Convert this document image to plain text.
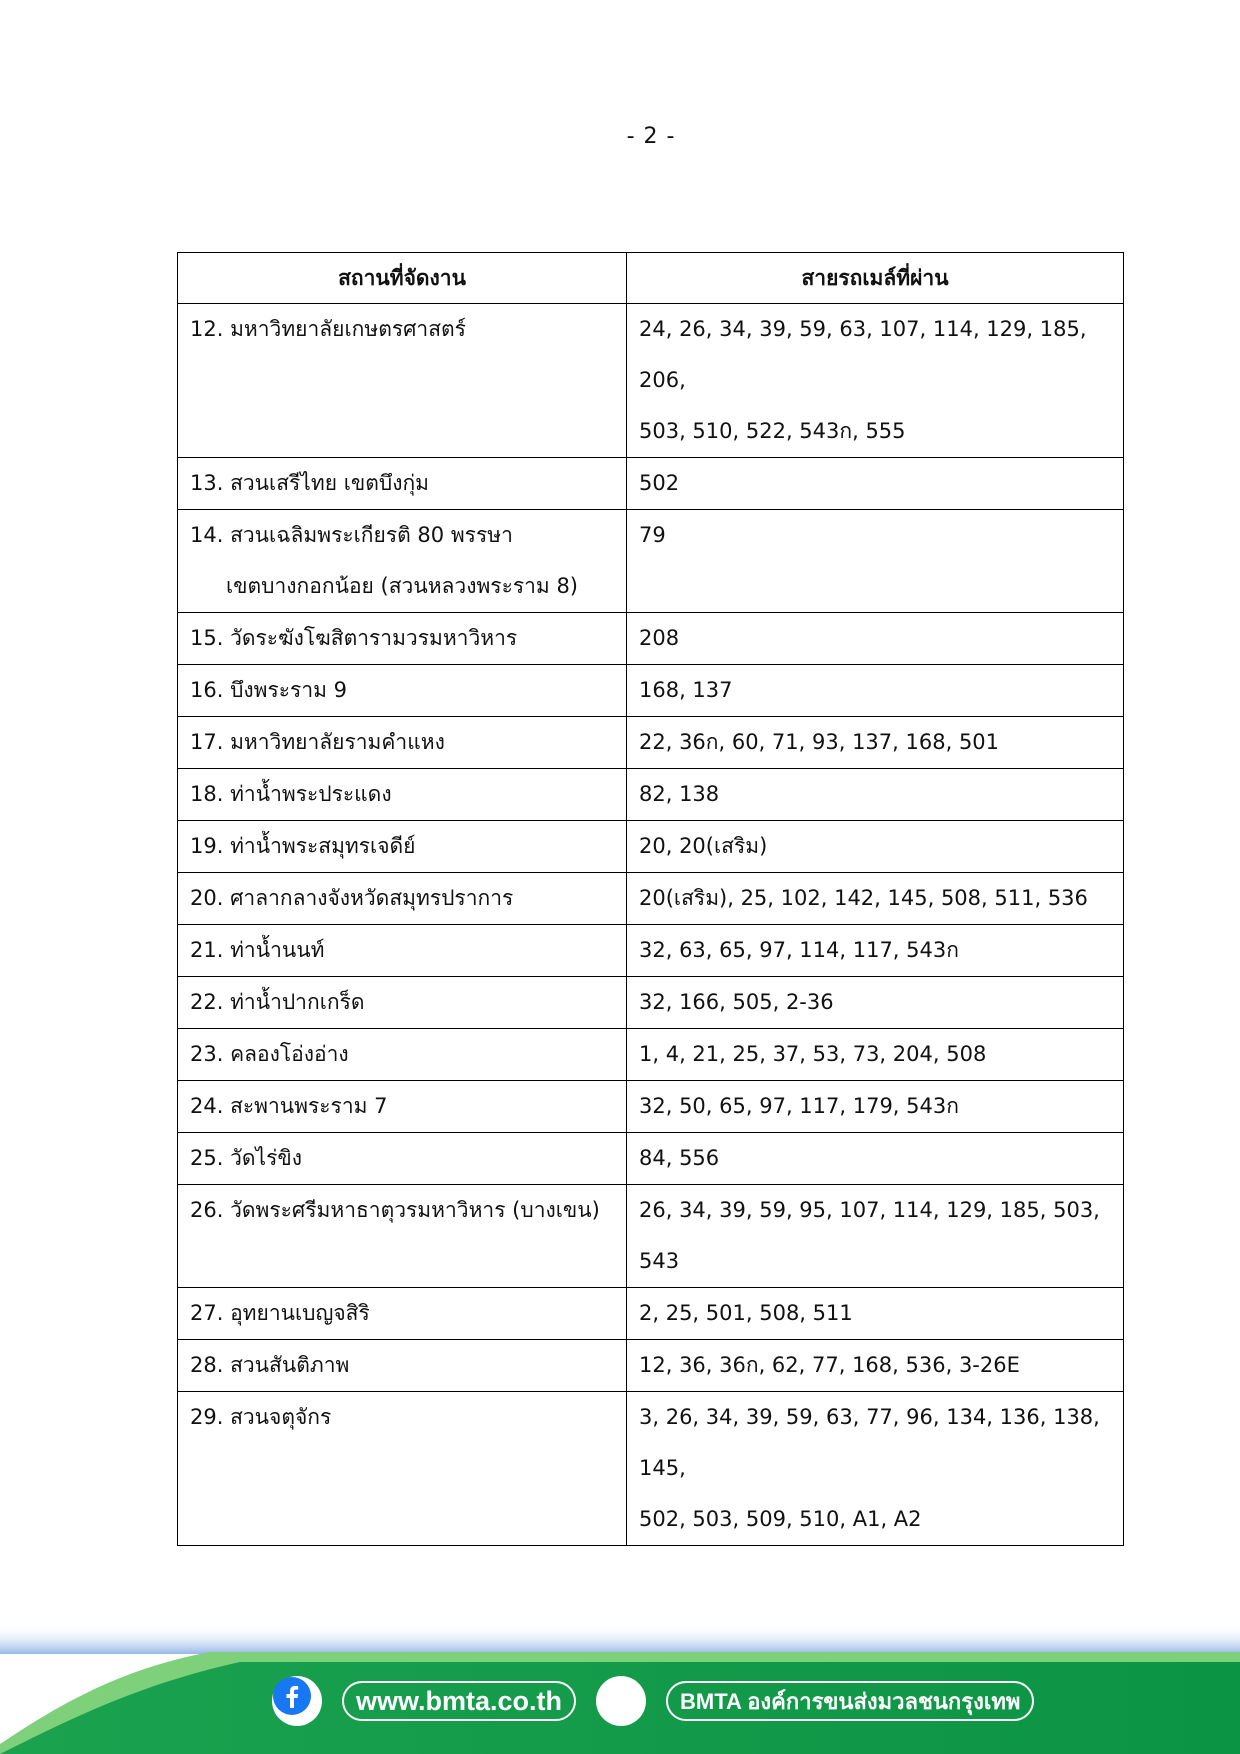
- 2 -
สถานที่จัดงาน	สายรถเมล์ที่ผ่าน

12. มหาวิทยาลัยเกษตรศาสตร์	24, 26, 34, 39, 59, 63, 107, 114, 129, 185, 206,
503, 510, 522, 543ก, 555

13. สวนเสรีไทย เขตบึงกุ่ม	502

14. สวนเฉลิมพระเกียรติ 80 พรรษา
เขตบางกอกน้อย (สวนหลวงพระราม 8)	79

15. วัดระฆังโฆสิตารามวรมหาวิหาร	208

16. บึงพระราม 9	168, 137

17. มหาวิทยาลัยรามคำแหง	22, 36ก, 60, 71, 93, 137, 168, 501

18. ท่าน้ำพระประแดง	82, 138

19. ท่าน้ำพระสมุทรเจดีย์	20, 20(เสริม)

20. ศาลากลางจังหวัดสมุทรปราการ	20(เสริม), 25, 102, 142, 145, 508, 511, 536

21. ท่าน้ำนนท์	32, 63, 65, 97, 114, 117, 543ก

22. ท่าน้ำปากเกร็ด	32, 166, 505, 2-36

23. คลองโอ่งอ่าง	1, 4, 21, 25, 37, 53, 73, 204, 508

24. สะพานพระราม 7	32, 50, 65, 97, 117, 179, 543ก

25. วัดไร่ขิง	84, 556

26. วัดพระศรีมหาธาตุวรมหาวิหาร (บางเขน)	26, 34, 39, 59, 95, 107, 114, 129, 185, 503, 543

27. อุทยานเบญจสิริ	2, 25, 501, 508, 511

28. สวนสันติภาพ	12, 36, 36ก, 62, 77, 168, 536, 3-26E

29. สวนจตุจักร	3, 26, 34, 39, 59, 63, 77, 96, 134, 136, 138, 145,
502, 503, 509, 510, A1, A2
www.bmta.co.th	BMTA องค์การขนส่งมวลชนกรุงเทพ
